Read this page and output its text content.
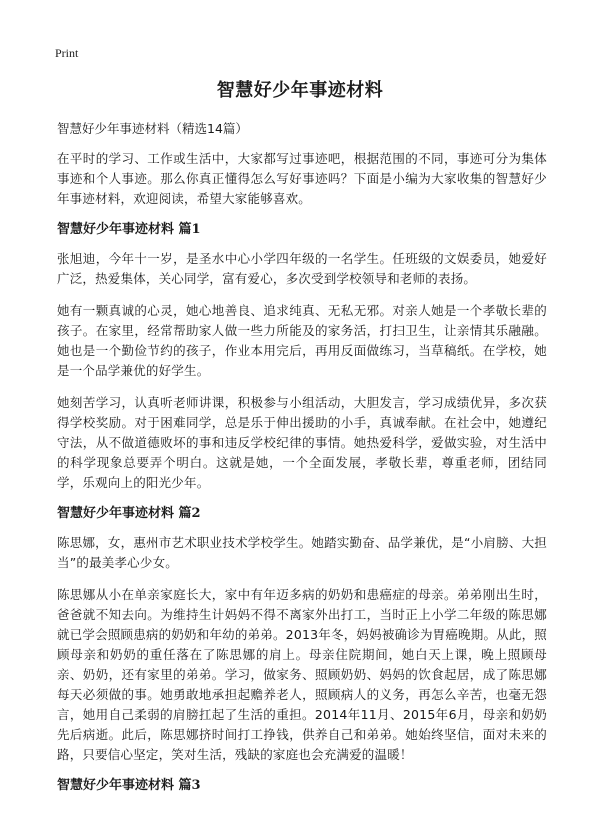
Print
智慧好少年事迹材料
智慧好少年事迹材料（精选14篇）

在平时的学习、工作或生活中，大家都写过事迹吧，根据范围的不同，事迹可分为集体事迹和个人事迹。那么你真正懂得怎么写好事迹吗？下面是小编为大家收集的智慧好少年事迹材料，欢迎阅读，希望大家能够喜欢。

智慧好少年事迹材料 篇1

张旭迪，今年十一岁，是圣水中心小学四年级的一名学生。任班级的文娱委员，她爱好广泛，热爱集体，关心同学，富有爱心，多次受到学校领导和老师的表扬。

她有一颗真诚的心灵，她心地善良、追求纯真、无私无邪。对亲人她是一个孝敬长辈的孩子。在家里，经常帮助家人做一些力所能及的家务活，打扫卫生，让亲情其乐融融。她也是一个勤俭节约的孩子，作业本用完后，再用反面做练习，当草稿纸。在学校，她是一个品学兼优的好学生。

她刻苦学习，认真听老师讲课，积极参与小组活动，大胆发言，学习成绩优异，多次获得学校奖励。对于困难同学，总是乐于伸出援助的小手，真诚奉献。在社会中，她遵纪守法，从不做道德败坏的事和违反学校纪律的事情。她热爱科学，爱做实验，对生活中的科学现象总要弄个明白。这就是她，一个全面发展，孝敬长辈，尊重老师，团结同学，乐观向上的阳光少年。

智慧好少年事迹材料 篇2

陈思娜，女，惠州市艺术职业技术学校学生。她踏实勤奋、品学兼优，是“小肩膀、大担当”的最美孝心少女。

陈思娜从小在单亲家庭长大，家中有年迈多病的奶奶和患癌症的母亲。弟弟刚出生时，爸爸就不知去向。为维持生计妈妈不得不离家外出打工，当时正上小学二年级的陈思娜就已学会照顾患病的奶奶和年幼的弟弟。2013年冬，妈妈被确诊为胃癌晚期。从此，照顾母亲和奶奶的重任落在了陈思娜的肩上。母亲住院期间，她白天上课，晚上照顾母亲、奶奶，还有家里的弟弟。学习，做家务、照顾奶奶、妈妈的饮食起居，成了陈思娜每天必须做的事。她勇敢地承担起赡养老人，照顾病人的义务，再怎么辛苦，也毫无怨言，她用自己柔弱的肩膀扛起了生活的重担。2014年11月、2015年6月，母亲和奶奶先后病逝。此后，陈思娜挤时间打工挣钱，供养自己和弟弟。她始终坚信，面对未来的路，只要信心坚定，笑对生活，残缺的家庭也会充满爱的温暖！

智慧好少年事迹材料 篇3
